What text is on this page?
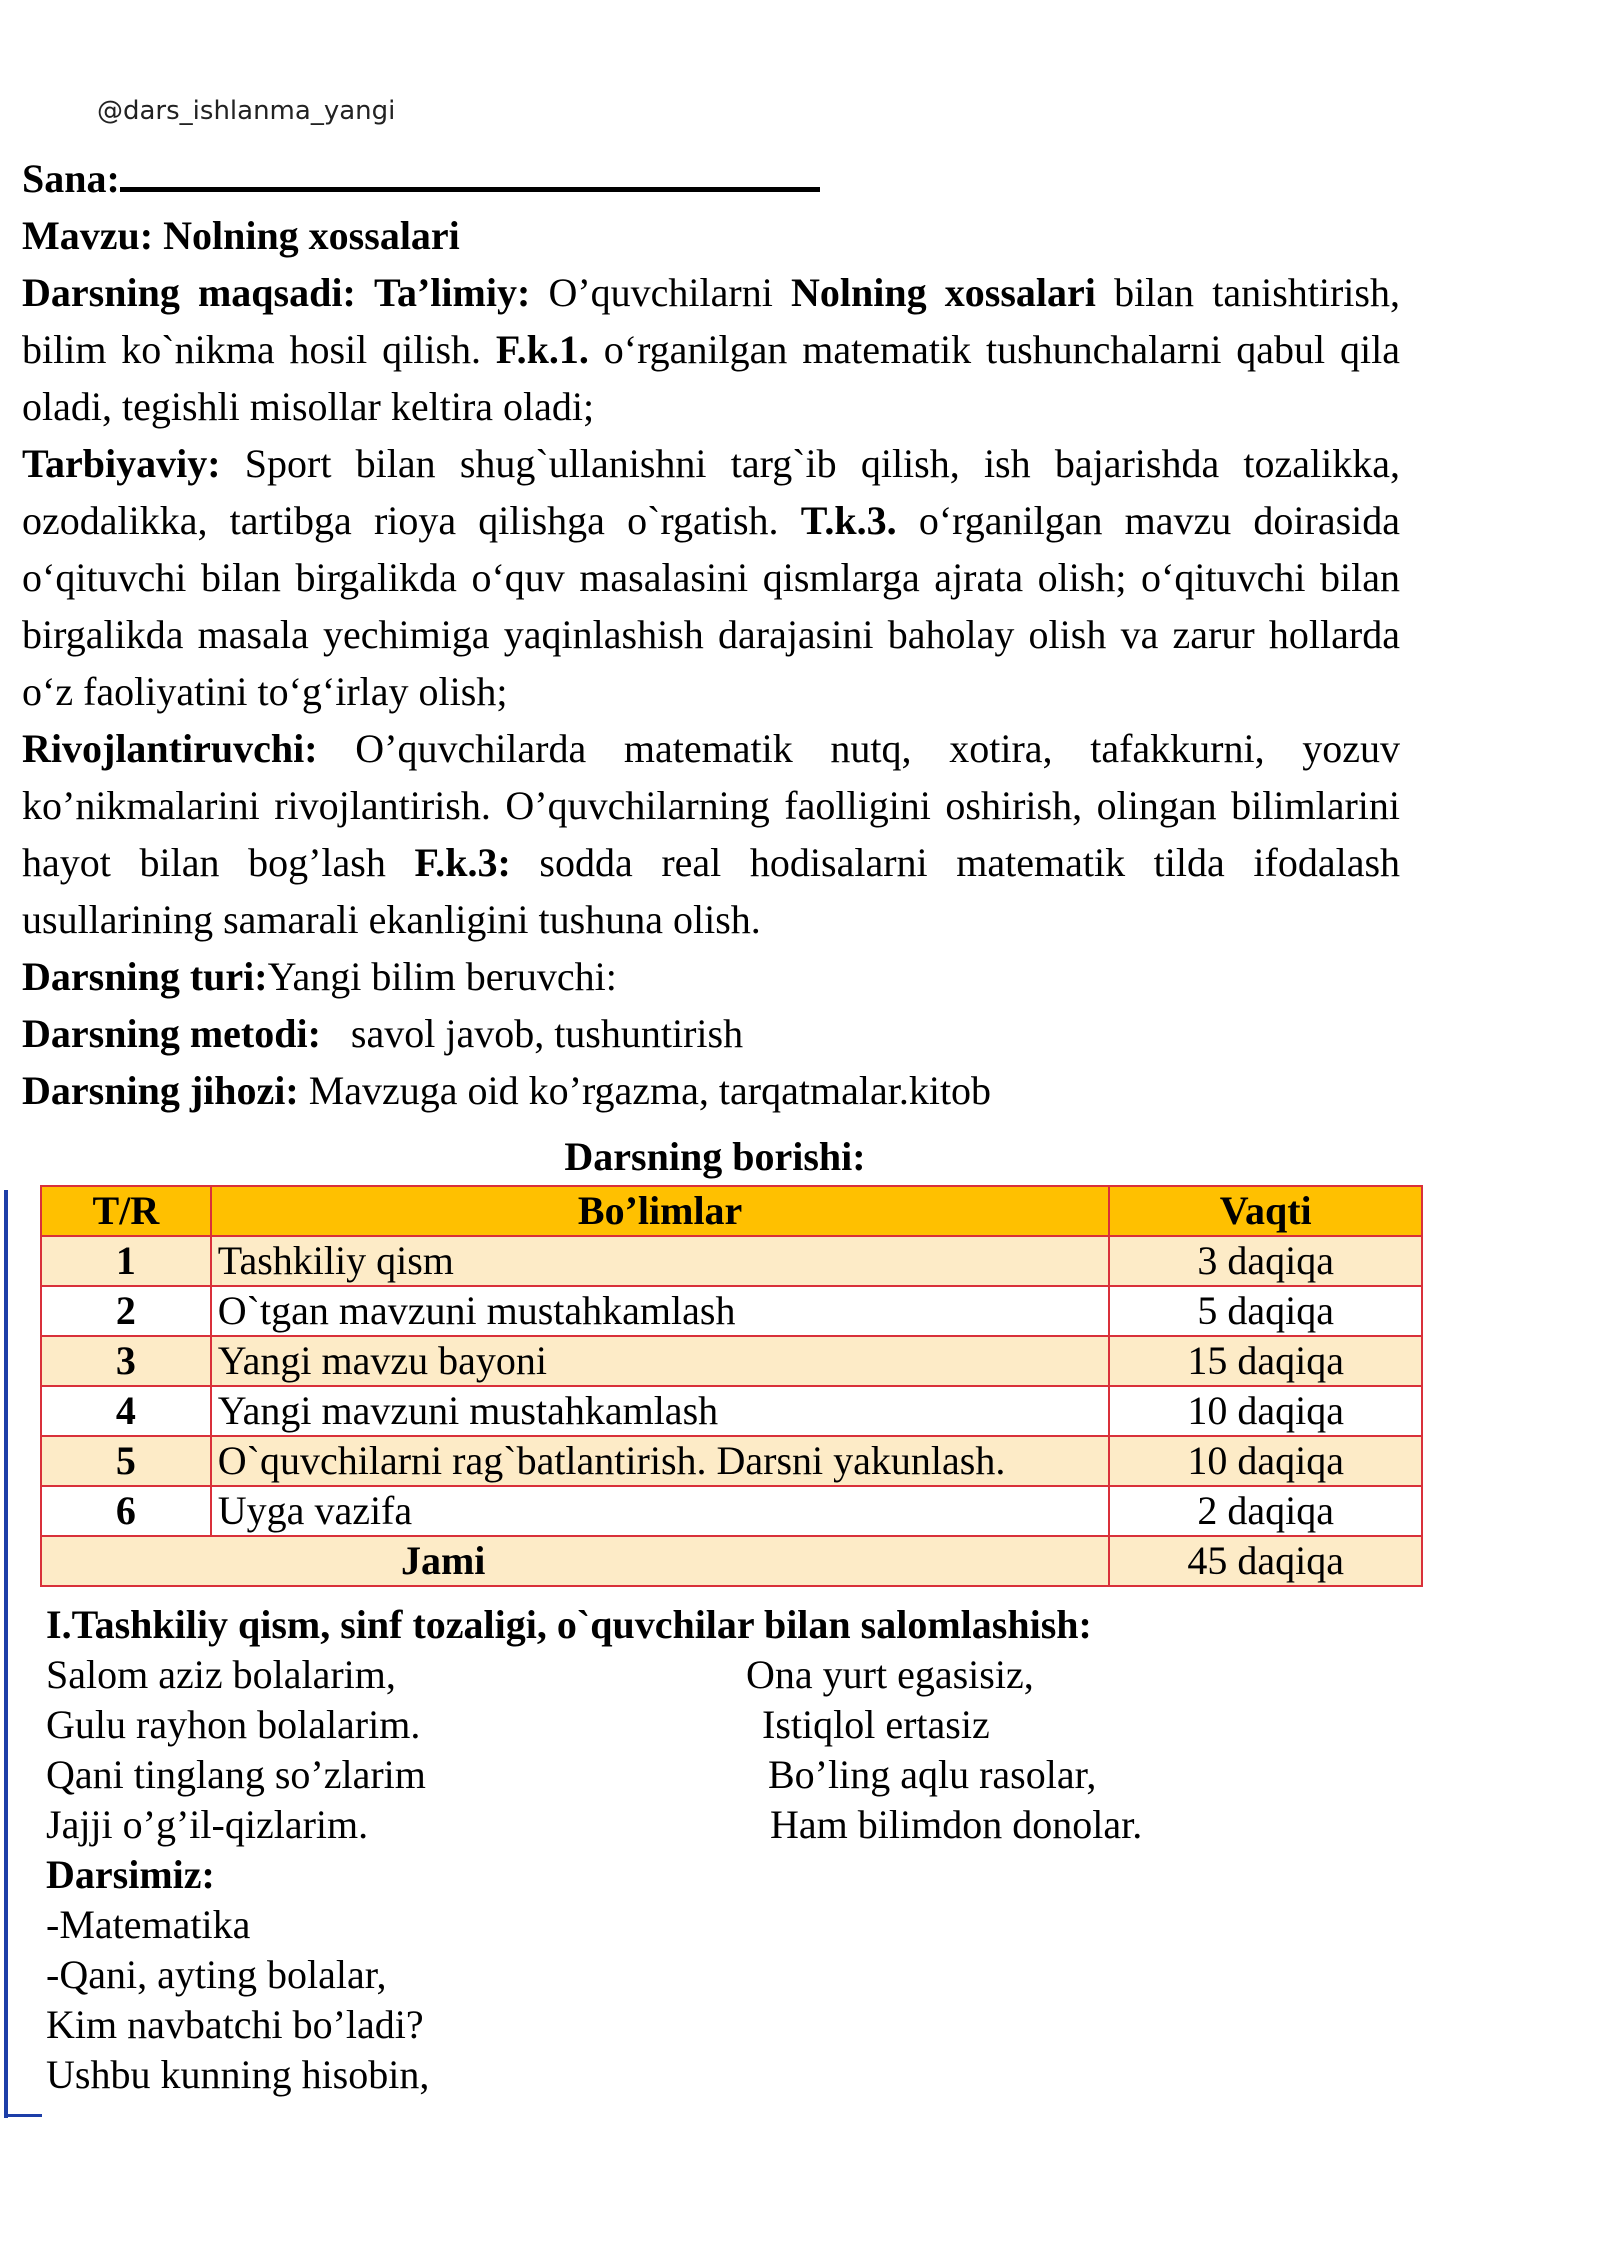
@dars_ishlanma_yangi
Sana:
Mavzu: Nolning xossalari
Darsning maqsadi: Ta’limiy: O’quvchilarni Nolning xossalari bilan tanishtirish, bilim ko`nikma hosil qilish. F.k.1. o‘rganilgan matematik tushunchalarni qabul qila oladi, tegishli misollar keltira oladi;
Tarbiyaviy: Sport bilan shug`ullanishni targ`ib qilish, ish bajarishda tozalikka, ozodalikka, tartibga rioya qilishga o`rgatish. T.k.3. o‘rganilgan mavzu doirasida o‘qituvchi bilan birgalikda o‘quv masalasini qismlarga ajrata olish; o‘qituvchi bilan birgalikda masala yechimiga yaqinlashish darajasini baholay olish va zarur hollarda o‘z faoliyatini to‘g‘irlay olish;
Rivojlantiruvchi: O’quvchilarda matematik nutq, xotira, tafakkurni, yozuv ko’nikmalarini rivojlantirish. O’quvchilarning faolligini oshirish, olingan bilimlarini hayot bilan bog’lash F.k.3: sodda real hodisalarni matematik tilda ifodalash usullarining samarali ekanligini tushuna olish.
Darsning turi:Yangi bilim beruvchi:
Darsning metodi: savol javob, tushuntirish
Darsning jihozi: Mavzuga oid ko’rgazma, tarqatmalar.kitob
Darsning borishi:
T/R	Bo’limlar	Vaqti
1	Tashkiliy qism	3 daqiqa
2	O`tgan mavzuni mustahkamlash	5 daqiqa
3	Yangi mavzu bayoni	15 daqiqa
4	Yangi mavzuni mustahkamlash	10 daqiqa
5	O`quvchilarni rag`batlantirish. Darsni yakunlash.	10 daqiqa
6	Uyga vazifa	2 daqiqa
Jami		45 daqiqa
I.Tashkiliy qism, sinf tozaligi, o`quvchilar bilan salomlashish:
Salom aziz bolalarim,	Ona yurt egasisiz,
Gulu rayhon bolalarim.	Istiqlol ertasiz
Qani tinglang so’zlarim	Bo’ling aqlu rasolar,
Jajji o’g’il-qizlarim.	Ham bilimdon donolar.
Darsimiz:
-Matematika
-Qani, ayting bolalar,
Kim navbatchi bo’ladi?
Ushbu kunning hisobin,
